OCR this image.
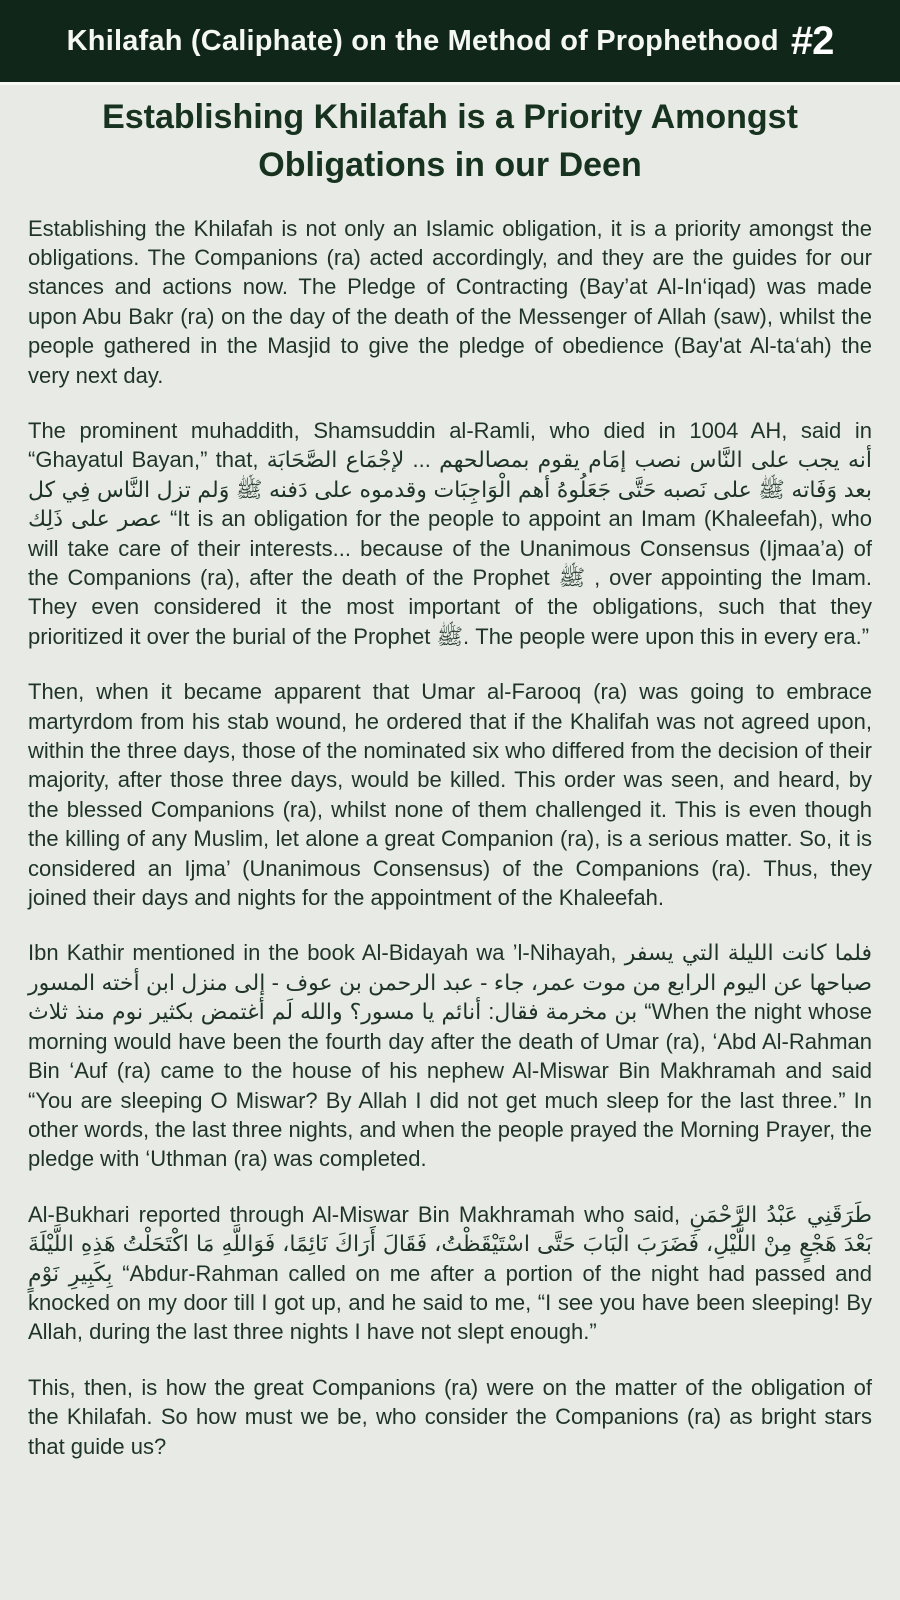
Khilafah (Caliphate) on the Method of Prophethood #2
Establishing Khilafah is a Priority Amongst
Obligations in our Deen

Establishing the Khilafah is not only an Islamic obligation, it is a priority amongst the obligations. The Companions (ra) acted accordingly, and they are the guides for our stances and actions now. The Pledge of Contracting (Bay’at Al-In‘iqad) was made upon Abu Bakr (ra) on the day of the death of the Messenger of Allah (saw), whilst the people gathered in the Masjid to give the pledge of obedience (Bay'at Al-ta‘ah) the very next day.

The prominent muhaddith, Shamsuddin al-Ramli, who died in 1004 AH, said in “Ghayatul Bayan,” that, أنه يجب على النَّاس نصب إمَام يقوم بمصالحهم ... لإجْمَاع الصَّحَابَة بعد وَفَاته ﷺ على نَصبه حَتَّى جَعَلُوهُ أهم الْوَاجِبَات وقدموه على دَفنه ﷺ وَلم تزل النَّاس فِي كل عصر على ذَلِك “It is an obligation for the people to appoint an Imam (Khaleefah), who will take care of their interests... because of the Unanimous Consensus (Ijmaa’a) of the Companions (ra), after the death of the Prophet ﷺ , over appointing the Imam. They even considered it the most important of the obligations, such that they prioritized it over the burial of the Prophet ﷺ. The people were upon this in every era.”

Then, when it became apparent that Umar al-Farooq (ra) was going to embrace martyrdom from his stab wound, he ordered that if the Khalifah was not agreed upon, within the three days, those of the nominated six who differed from the decision of their majority, after those three days, would be killed. This order was seen, and heard, by the blessed Companions (ra), whilst none of them challenged it. This is even though the killing of any Muslim, let alone a great Companion (ra), is a serious matter. So, it is considered an Ijma’ (Unanimous Consensus) of the Companions (ra). Thus, they joined their days and nights for the appointment of the Khaleefah.

Ibn Kathir mentioned in the book Al-Bidayah wa ’l-Nihayah, فلما كانت الليلة التي يسفر صباحها عن اليوم الرابع من موت عمر، جاء - عبد الرحمن بن عوف - إلى منزل ابن أخته المسور بن مخرمة فقال: أنائم يا مسور؟ والله لَم أغتمض بكثير نوم منذ ثلاث “When the night whose morning would have been the fourth day after the death of Umar (ra), ‘Abd Al-Rahman Bin ‘Auf (ra) came to the house of his nephew Al-Miswar Bin Makhramah and said “You are sleeping O Miswar? By Allah I did not get much sleep for the last three.” In other words, the last three nights, and when the people prayed the Morning Prayer, the pledge with ‘Uthman (ra) was completed.

Al-Bukhari reported through Al-Miswar Bin Makhramah who said, طَرَقَنِي عَبْدُ الرَّحْمَنِ بَعْدَ هَجْعٍ مِنْ اللَّيْلِ، فَضَرَبَ الْبَابَ حَتَّى اسْتَيْقَظْتُ، فَقَالَ أَرَاكَ نَائِمًا، فَوَاللَّهِ مَا اكْتَحَلْتُ هَذِهِ اللَّيْلَةَ بِكَبِيرِ نَوْمٍ “Abdur-Rahman called on me after a portion of the night had passed and knocked on my door till I got up, and he said to me, “I see you have been sleeping! By Allah, during the last three nights I have not slept enough.”

This, then, is how the great Companions (ra) were on the matter of the obligation of the Khilafah. So how must we be, who consider the Companions (ra) as bright stars that guide us?
